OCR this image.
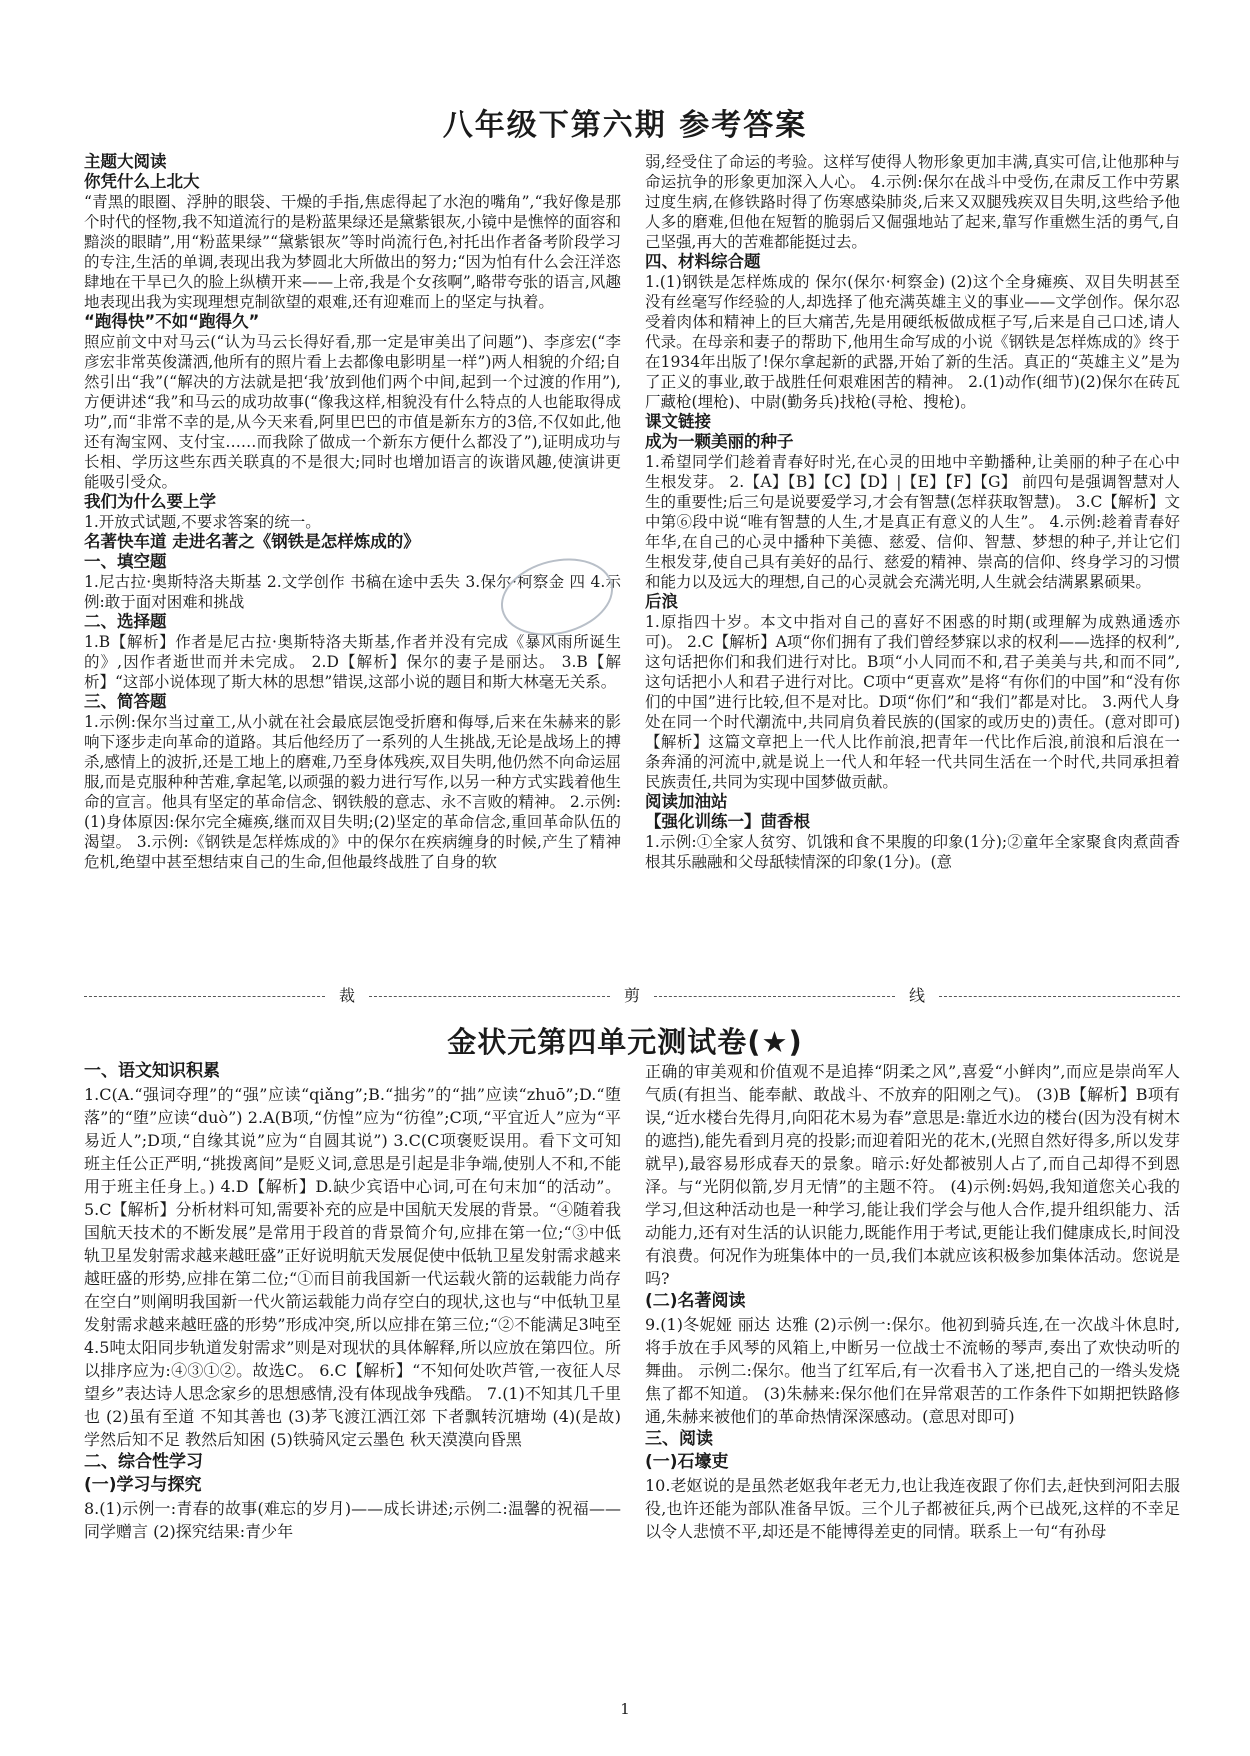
八年级下第六期 参考答案
主题大阅读
你凭什么上北大
“青黑的眼圈、浮肿的眼袋、干燥的手指,焦虑得起了水泡的嘴角”,“我好像是那个时代的怪物,我不知道流行的是粉蓝果绿还是黛紫银灰,小镜中是憔悴的面容和黯淡的眼睛”,用“粉蓝果绿”“黛紫银灰”等时尚流行色,衬托出作者备考阶段学习的专注,生活的单调,表现出我为梦圆北大所做出的努力;“因为怕有什么会汪洋恣肆地在干旱已久的脸上纵横开来——上帝,我是个女孩啊”,略带夸张的语言,风趣地表现出我为实现理想克制欲望的艰难,还有迎难而上的坚定与执着。
“跑得快”不如“跑得久”
照应前文中对马云(“认为马云长得好看,那一定是审美出了问题”)、李彦宏(“李彦宏非常英俊潇洒,他所有的照片看上去都像电影明星一样”)两人相貌的介绍;自然引出“我”(“解决的方法就是把‘我’放到他们两个中间,起到一个过渡的作用”),方便讲述“我”和马云的成功故事(“像我这样,相貌没有什么特点的人也能取得成功”,而“非常不幸的是,从今天来看,阿里巴巴的市值是新东方的3倍,不仅如此,他还有淘宝网、支付宝……而我除了做成一个新东方便什么都没了”),证明成功与长相、学历这些东西关联真的不是很大;同时也增加语言的诙谐风趣,使演讲更能吸引受众。
我们为什么要上学
1.开放式试题,不要求答案的统一。
名著快车道 走进名著之《钢铁是怎样炼成的》
一、填空题
1.尼古拉·奥斯特洛夫斯基 2.文学创作 书稿在途中丢失 3.保尔·柯察金 四 4.示例:敢于面对困难和挑战
二、选择题
1.B【解析】作者是尼古拉·奥斯特洛夫斯基,作者并没有完成《暴风雨所诞生的》,因作者逝世而并未完成。 2.D【解析】保尔的妻子是丽达。 3.B【解析】“这部小说体现了斯大林的思想”错误,这部小说的题目和斯大林毫无关系。
三、简答题
1.示例:保尔当过童工,从小就在社会最底层饱受折磨和侮辱,后来在朱赫来的影响下逐步走向革命的道路。其后他经历了一系列的人生挑战,无论是战场上的搏杀,感情上的波折,还是工地上的磨难,乃至身体残疾,双目失明,他仍然不向命运屈服,而是克服种种苦难,拿起笔,以顽强的毅力进行写作,以另一种方式实践着他生命的宣言。他具有坚定的革命信念、钢铁般的意志、永不言败的精神。 2.示例:(1)身体原因:保尔完全瘫痪,继而双目失明;(2)坚定的革命信念,重回革命队伍的渴望。 3.示例:《钢铁是怎样炼成的》中的保尔在疾病缠身的时候,产生了精神危机,绝望中甚至想结束自己的生命,但他最终战胜了自身的软
弱,经受住了命运的考验。这样写使得人物形象更加丰满,真实可信,让他那种与命运抗争的形象更加深入人心。 4.示例:保尔在战斗中受伤,在肃反工作中劳累过度生病,在修铁路时得了伤寒感染肺炎,后来又双腿残疾双目失明,这些给予他人多的磨难,但他在短暂的脆弱后又倔强地站了起来,靠写作重燃生活的勇气,自己坚强,再大的苦难都能挺过去。
四、材料综合题
1.(1)钢铁是怎样炼成的 保尔(保尔·柯察金) (2)这个全身瘫痪、双目失明甚至没有丝毫写作经验的人,却选择了他充满英雄主义的事业——文学创作。保尔忍受着肉体和精神上的巨大痛苦,先是用硬纸板做成框子写,后来是自己口述,请人代录。在母亲和妻子的帮助下,他用生命写成的小说《钢铁是怎样炼成的》终于在1934年出版了!保尔拿起新的武器,开始了新的生活。真正的“英雄主义”是为了正义的事业,敢于战胜任何艰难困苦的精神。 2.(1)动作(细节)(2)保尔在砖瓦厂藏枪(埋枪)、中尉(勤务兵)找枪(寻枪、搜枪)。
课文链接
成为一颗美丽的种子
1.希望同学们趁着青春好时光,在心灵的田地中辛勤播种,让美丽的种子在心中生根发芽。 2.【A】【B】【C】【D】|【E】【F】【G】 前四句是强调智慧对人生的重要性;后三句是说要爱学习,才会有智慧(怎样获取智慧)。 3.C【解析】文中第⑥段中说“唯有智慧的人生,才是真正有意义的人生”。 4.示例:趁着青春好年华,在自己的心灵中播种下美德、慈爱、信仰、智慧、梦想的种子,并让它们生根发芽,使自己具有美好的品行、慈爱的精神、崇高的信仰、终身学习的习惯和能力以及远大的理想,自己的心灵就会充满光明,人生就会结满累累硕果。
后浪
1.原指四十岁。本文中指对自己的喜好不困惑的时期(或理解为成熟通透亦可)。 2.C【解析】A项“你们拥有了我们曾经梦寐以求的权利——选择的权利”,这句话把你们和我们进行对比。B项“小人同而不和,君子美美与共,和而不同”,这句话把小人和君子进行对比。C项中“更喜欢”是将“有你们的中国”和“没有你们的中国”进行比较,但不是对比。D项“你们”和“我们”都是对比。 3.两代人身处在同一个时代潮流中,共同肩负着民族的(国家的或历史的)责任。(意对即可)【解析】这篇文章把上一代人比作前浪,把青年一代比作后浪,前浪和后浪在一条奔涌的河流中,就是说上一代人和年轻一代共同生活在一个时代,共同承担着民族责任,共同为实现中国梦做贡献。
阅读加油站
【强化训练一】茴香根
1.示例:①全家人贫穷、饥饿和食不果腹的印象(1分);②童年全家聚食肉煮茴香根其乐融融和父母舐犊情深的印象(1分)。(意
裁	剪	线
金状元第四单元测试卷(★)
一、语文知识积累
1.C(A.“强词夺理”的“强”应读“qiǎng”;B.“拙劣”的“拙”应读“zhuō”;D.“堕落”的“堕”应读“duò”) 2.A(B项,“仿惶”应为“彷徨”;C项,“平宜近人”应为“平易近人”;D项,“自缘其说”应为“自圆其说”) 3.C(C项褒贬误用。看下文可知班主任公正严明,“挑拨离间”是贬义词,意思是引起是非争端,使别人不和,不能用于班主任身上。) 4.D【解析】D.缺少宾语中心词,可在句末加“的活动”。 5.C【解析】分析材料可知,需要补充的应是中国航天发展的背景。“④随着我国航天技术的不断发展”是常用于段首的背景简介句,应排在第一位;“③中低轨卫星发射需求越来越旺盛”正好说明航天发展促使中低轨卫星发射需求越来越旺盛的形势,应排在第二位;“①而目前我国新一代运载火箭的运载能力尚存在空白”则阐明我国新一代火箭运载能力尚存空白的现状,这也与“中低轨卫星发射需求越来越旺盛的形势”形成冲突,所以应排在第三位;“②不能满足3吨至4.5吨太阳同步轨道发射需求”则是对现状的具体解释,所以应放在第四位。所以排序应为:④③①②。故选C。 6.C【解析】“不知何处吹芦管,一夜征人尽望乡”表达诗人思念家乡的思想感情,没有体现战争残酷。 7.(1)不知其几千里也 (2)虽有至道 不知其善也 (3)茅飞渡江洒江郊 下者飘转沉塘坳 (4)(是故)学然后知不足 教然后知困 (5)铁骑风定云墨色 秋天漠漠向昏黑
二、综合性学习
(一)学习与探究
8.(1)示例一:青春的故事(难忘的岁月)——成长讲述;示例二:温馨的祝福——同学赠言 (2)探究结果:青少年
正确的审美观和价值观不是追捧“阴柔之风”,喜爱“小鲜肉”,而应是崇尚军人气质(有担当、能奉献、敢战斗、不放弃的阳刚之气)。 (3)B【解析】B项有误,“近水楼台先得月,向阳花木易为春”意思是:靠近水边的楼台(因为没有树木的遮挡),能先看到月亮的投影;而迎着阳光的花木,(光照自然好得多,所以发芽就早),最容易形成春天的景象。暗示:好处都被别人占了,而自己却得不到恩泽。与“光阴似箭,岁月无情”的主题不符。 (4)示例:妈妈,我知道您关心我的学习,但这种活动也是一种学习,能让我们学会与他人合作,提升组织能力、活动能力,还有对生活的认识能力,既能作用于考试,更能让我们健康成长,时间没有浪费。何况作为班集体中的一员,我们本就应该积极参加集体活动。您说是吗?
(二)名著阅读
9.(1)冬妮娅 丽达 达雅 (2)示例一:保尔。他初到骑兵连,在一次战斗休息时,将手放在手风琴的风箱上,中断另一位战士不流畅的琴声,奏出了欢快动听的舞曲。 示例二:保尔。他当了红军后,有一次看书入了迷,把自己的一绺头发烧焦了都不知道。 (3)朱赫来:保尔他们在异常艰苦的工作条件下如期把铁路修通,朱赫来被他们的革命热情深深感动。(意思对即可)
三、阅读
(一)石壕吏
10.老妪说的是虽然老妪我年老无力,也让我连夜跟了你们去,赶快到河阳去服役,也许还能为部队准备早饭。三个儿子都被征兵,两个已战死,这样的不幸足以令人悲愤不平,却还是不能博得差吏的同情。联系上一句“有孙母
1
